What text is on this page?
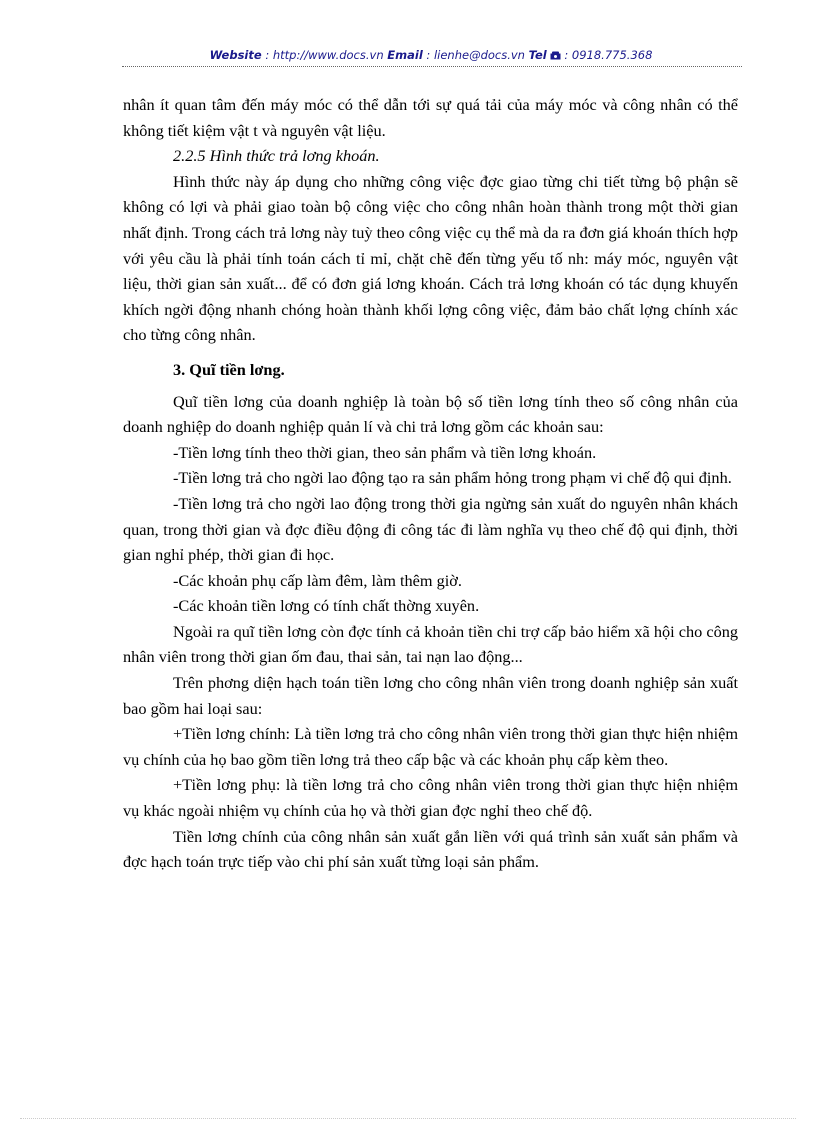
Website : http://www.docs.vn Email : lienhe@docs.vn Tel : 0918.775.368

nhân ít quan tâm đến máy móc có thể dẫn tới sự quá tải của máy móc và công nhân có thể không tiết kiệm vật t và nguyên vật liệu.

2.2.5 Hình thức trả lơng khoán.

Hình thức này áp dụng cho những công việc đợc giao từng chi tiết từng bộ phận sẽ không có lợi và phải giao toàn bộ công việc cho công nhân hoàn thành trong một thời gian nhất định. Trong cách trả lơng này tuỳ theo công việc cụ thể mà da ra đơn giá khoán thích hợp với yêu cầu là phải tính toán cách tỉ mỉ, chặt chẽ đến từng yếu tố nh: máy móc, nguyên vật liệu, thời gian sản xuất... để có đơn giá lơng khoán. Cách trả lơng khoán có tác dụng khuyến khích ngời động nhanh chóng hoàn thành khối lợng công việc, đảm bảo chất lợng chính xác cho từng công nhân.

3. Quĩ tiền lơng.

Quĩ tiền lơng của doanh nghiệp là toàn bộ số tiền lơng tính theo số công nhân của doanh nghiệp do doanh nghiệp quản lí và chi trả lơng gồm các khoản sau:

-Tiền lơng tính theo thời gian, theo sản phẩm và tiền lơng khoán.

-Tiền lơng trả cho ngời lao động tạo ra sản phẩm hỏng trong phạm vi chế độ qui định.

-Tiền lơng trả cho ngời lao động trong thời gia ngừng sản xuất do nguyên nhân khách quan, trong thời gian và đợc điều động đi công tác đi làm nghĩa vụ theo chế độ qui định, thời gian nghỉ phép, thời gian đi học.

-Các khoản phụ cấp làm đêm, làm thêm giờ.

-Các khoản tiền lơng có tính chất thờng xuyên.

Ngoài ra quĩ tiền lơng còn đợc tính cả khoản tiền chi trợ cấp bảo hiểm xã hội cho công nhân viên trong thời gian ốm đau, thai sản, tai nạn lao động...

Trên phơng diện hạch toán tiền lơng cho công nhân viên trong doanh nghiệp sản xuất bao gồm hai loại sau:

+Tiền lơng chính: Là tiền lơng trả cho công nhân viên trong thời gian thực hiện nhiệm vụ chính của họ bao gồm tiền lơng trả theo cấp bậc và các khoản phụ cấp kèm theo.

+Tiền lơng phụ: là tiền lơng trả cho công nhân viên trong thời gian thực hiện nhiệm vụ khác ngoài nhiệm vụ chính của họ và thời gian đợc nghỉ theo chế độ.

Tiền lơng chính của công nhân sản xuất gắn liền với quá trình sản xuất sản phẩm và đợc hạch toán trực tiếp vào chi phí sản xuất từng loại sản phẩm.
